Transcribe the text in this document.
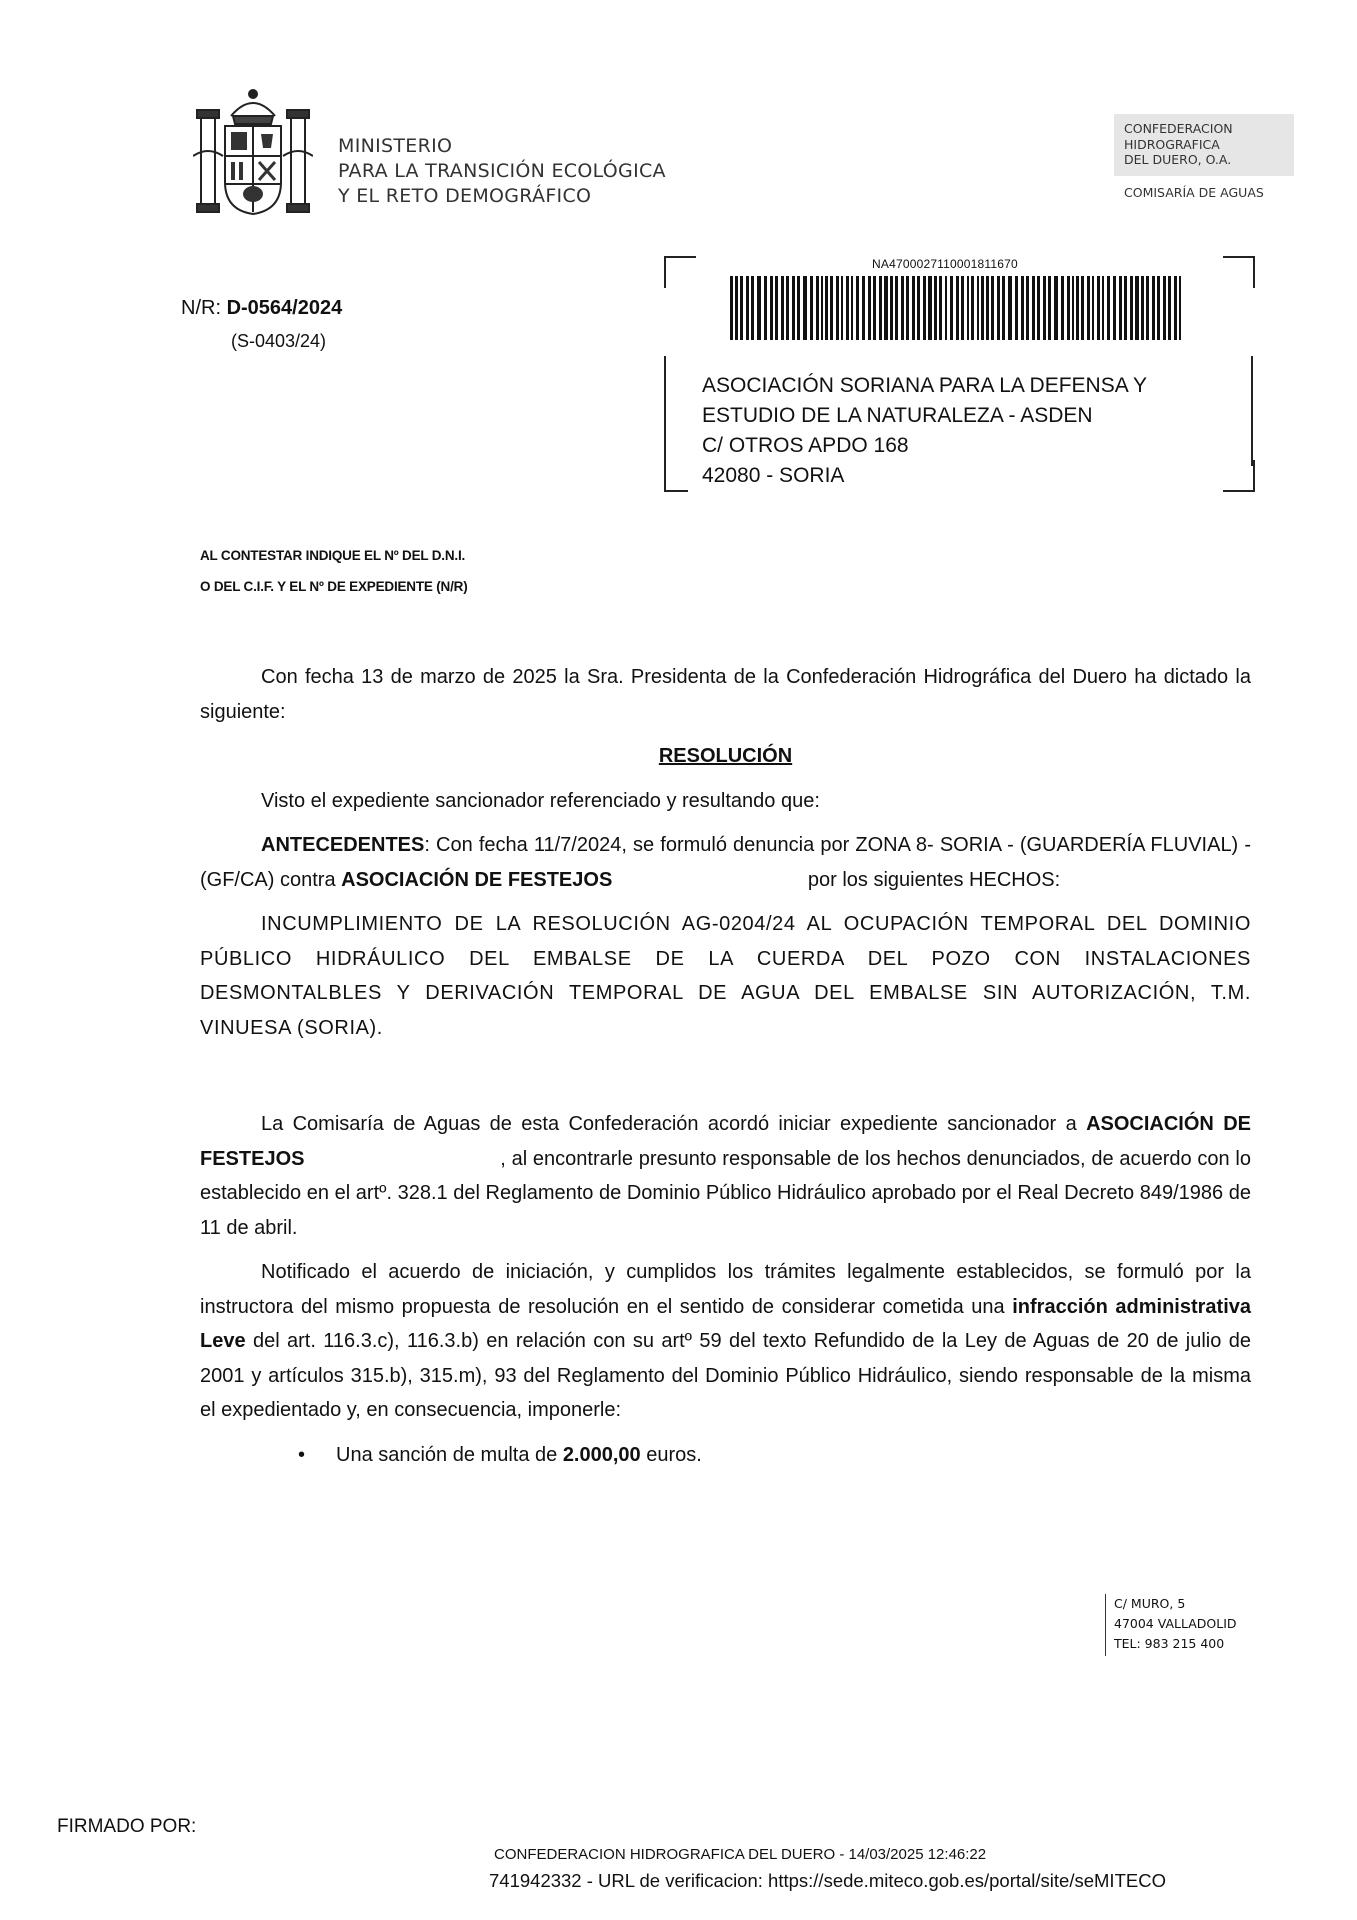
MINISTERIO
PARA LA TRANSICIÓN ECOLÓGICA
Y EL RETO DEMOGRÁFICO
CONFEDERACION
HIDROGRAFICA
DEL DUERO, O.A.
COMISARÍA DE AGUAS
N/R: D-0564/2024
(S-0403/24)
NA4700027110001811670
ASOCIACIÓN SORIANA PARA LA DEFENSA Y
ESTUDIO DE LA NATURALEZA - ASDEN
C/ OTROS APDO 168
42080 - SORIA
AL CONTESTAR INDIQUE EL Nº DEL D.N.I.
O DEL C.I.F. Y EL Nº DE EXPEDIENTE (N/R)

Con fecha 13 de marzo de 2025 la Sra. Presidenta de la Confederación Hidrográfica del Duero ha dictado la siguiente:

RESOLUCIÓN

Visto el expediente sancionador referenciado y resultando que:

ANTECEDENTES: Con fecha 11/7/2024, se formuló denuncia por ZONA 8- SORIA - (GUARDERÍA FLUVIAL) - (GF/CA) contra ASOCIACIÓN DE FESTEJOS	por los siguientes HECHOS:

INCUMPLIMIENTO DE LA RESOLUCIÓN AG-0204/24 AL OCUPACIÓN TEMPORAL DEL DOMINIO PÚBLICO HIDRÁULICO DEL EMBALSE DE LA CUERDA DEL POZO CON INSTALACIONES DESMONTALBLES Y DERIVACIÓN TEMPORAL DE AGUA DEL EMBALSE SIN AUTORIZACIÓN, T.M. VINUESA (SORIA).

La Comisaría de Aguas de esta Confederación acordó iniciar expediente sancionador a ASOCIACIÓN DE FESTEJOS	, al encontrarle presunto responsable de los hechos denunciados, de acuerdo con lo establecido en el artº. 328.1 del Reglamento de Dominio Público Hidráulico aprobado por el Real Decreto 849/1986 de 11 de abril.

Notificado el acuerdo de iniciación, y cumplidos los trámites legalmente establecidos, se formuló por la instructora del mismo propuesta de resolución en el sentido de considerar cometida una infracción administrativa Leve del art. 116.3.c), 116.3.b) en relación con su artº 59 del texto Refundido de la Ley de Aguas de 20 de julio de 2001 y artículos 315.b), 315.m), 93 del Reglamento del Dominio Público Hidráulico, siendo responsable de la misma el expedientado y, en consecuencia, imponerle:

• Una sanción de multa de 2.000,00 euros.
C/ MURO, 5
47004 VALLADOLID
TEL: 983 215 400
FIRMADO POR:
CONFEDERACION HIDROGRAFICA DEL DUERO - 14/03/2025 12:46:22
741942332 - URL de verificacion: https://sede.miteco.gob.es/portal/site/seMITECO
